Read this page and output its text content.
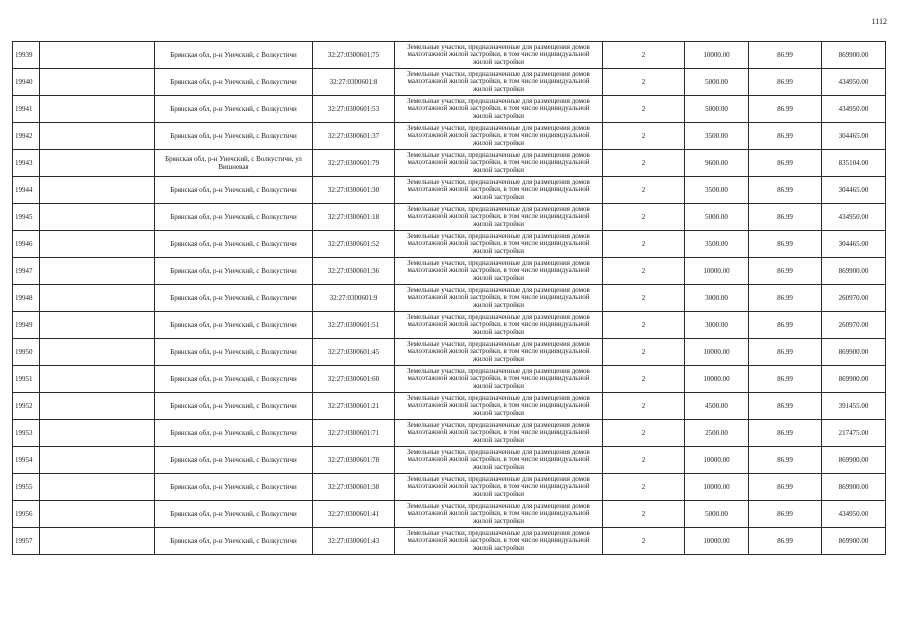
1112
19939		Брянская обл, р-н Унечский, с Волкустичи	32:27:0300601:75	Земельные участки, предназначенные для размещения домов малоэтажной жилой застройки, в том числе индивидуальной жилой застройки	2	10000.00	86.99	869900.00
19940		Брянская обл, р-н Унечский, с Волкустичи	32:27:0300601:8	Земельные участки, предназначенные для размещения домов малоэтажной жилой застройки, в том числе индивидуальной жилой застройки	2	5000.00	86.99	434950.00
19941		Брянская обл, р-н Унечский, с Волкустичи	32:27:0300601:53	Земельные участки, предназначенные для размещения домов малоэтажной жилой застройки, в том числе индивидуальной жилой застройки	2	5000.00	86.99	434950.00
19942		Брянская обл, р-н Унечский, с Волкустичи	32:27:0300601:37	Земельные участки, предназначенные для размещения домов малоэтажной жилой застройки, в том числе индивидуальной жилой застройки	2	3500.00	86.99	304465.00
19943		Брянская обл, р-н Унечский, с Волкустичи, ул Вишневая	32:27:0300601:79	Земельные участки, предназначенные для размещения домов малоэтажной жилой застройки, в том числе индивидуальной жилой застройки	2	9600.00	86.99	835104.00
19944		Брянская обл, р-н Унечский, с Волкустичи	32:27:0300601:30	Земельные участки, предназначенные для размещения домов малоэтажной жилой застройки, в том числе индивидуальной жилой застройки	2	3500.00	86.99	304465.00
19945		Брянская обл, р-н Унечский, с Волкустичи	32:27:0300601:18	Земельные участки, предназначенные для размещения домов малоэтажной жилой застройки, в том числе индивидуальной жилой застройки	2	5000.00	86.99	434950.00
19946		Брянская обл, р-н Унечский, с Волкустичи	32:27:0300601:52	Земельные участки, предназначенные для размещения домов малоэтажной жилой застройки, в том числе индивидуальной жилой застройки	2	3500.00	86.99	304465.00
19947		Брянская обл, р-н Унечский, с Волкустичи	32:27:0300601:36	Земельные участки, предназначенные для размещения домов малоэтажной жилой застройки, в том числе индивидуальной жилой застройки	2	10000.00	86.99	869900.00
19948		Брянская обл, р-н Унечский, с Волкустичи	32:27:0300601:9	Земельные участки, предназначенные для размещения домов малоэтажной жилой застройки, в том числе индивидуальной жилой застройки	2	3000.00	86.99	260970.00
19949		Брянская обл, р-н Унечский, с Волкустичи	32:27:0300601:51	Земельные участки, предназначенные для размещения домов малоэтажной жилой застройки, в том числе индивидуальной жилой застройки	2	3000.00	86.99	260970.00
19950		Брянская обл, р-н Унечский, с Волкустичи	32:27:0300601:45	Земельные участки, предназначенные для размещения домов малоэтажной жилой застройки, в том числе индивидуальной жилой застройки	2	10000.00	86.99	869900.00
19951		Брянская обл, р-н Унечский, с Волкустичи	32:27:0300601:60	Земельные участки, предназначенные для размещения домов малоэтажной жилой застройки, в том числе индивидуальной жилой застройки	2	10000.00	86.99	869900.00
19952		Брянская обл, р-н Унечский, с Волкустичи	32:27:0300601:21	Земельные участки, предназначенные для размещения домов малоэтажной жилой застройки, в том числе индивидуальной жилой застройки	2	4500.00	86.99	391455.00
19953		Брянская обл, р-н Унечский, с Волкустичи	32:27:0300601:71	Земельные участки, предназначенные для размещения домов малоэтажной жилой застройки, в том числе индивидуальной жилой застройки	2	2500.00	86.99	217475.00
19954		Брянская обл, р-н Унечский, с Волкустичи	32:27:0300601:78	Земельные участки, предназначенные для размещения домов малоэтажной жилой застройки, в том числе индивидуальной жилой застройки	2	10000.00	86.99	869900.00
19955		Брянская обл, р-н Унечский, с Волкустичи	32:27:0300601:38	Земельные участки, предназначенные для размещения домов малоэтажной жилой застройки, в том числе индивидуальной жилой застройки	2	10000.00	86.99	869900.00
19956		Брянская обл, р-н Унечский, с Волкустичи	32:27:0300601:41	Земельные участки, предназначенные для размещения домов малоэтажной жилой застройки, в том числе индивидуальной жилой застройки	2	5000.00	86.99	434950.00
19957		Брянская обл, р-н Унечский, с Волкустичи	32:27:0300601:43	Земельные участки, предназначенные для размещения домов малоэтажной жилой застройки, в том числе индивидуальной жилой застройки	2	10000.00	86.99	869900.00
